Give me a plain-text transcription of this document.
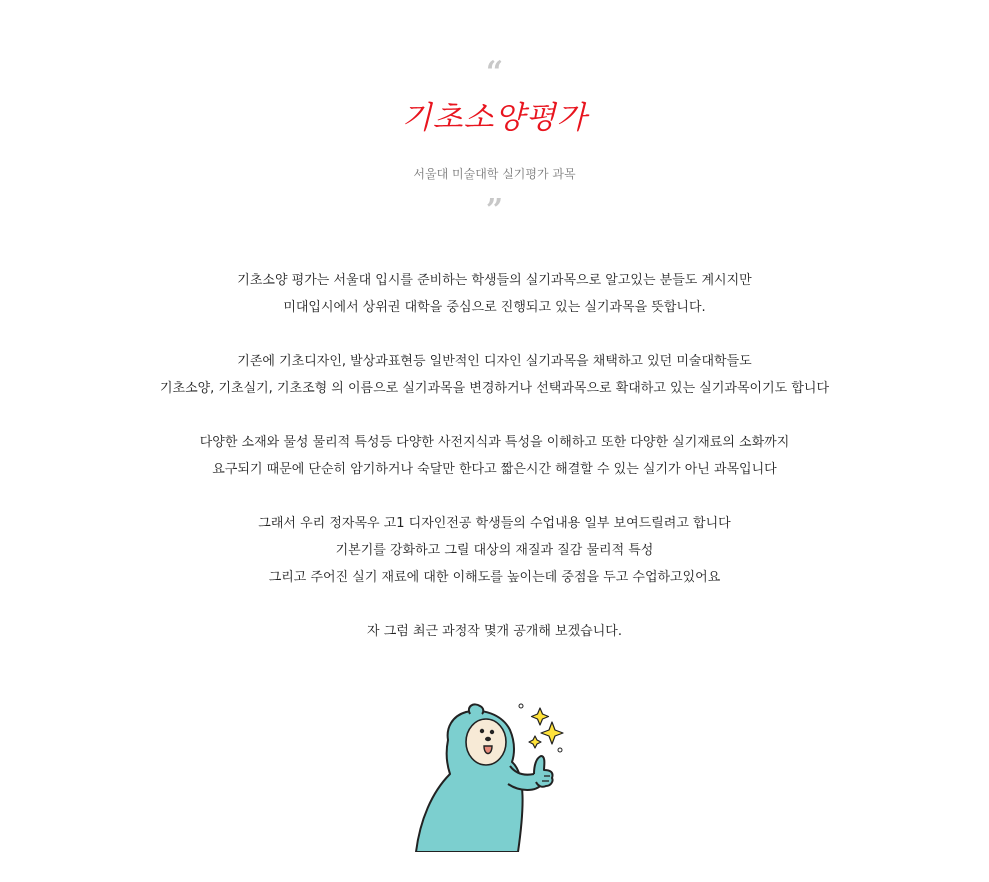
“
기초소양평가
서울대 미술대학 실기평가 과목
”

기초소양 평가는 서울대 입시를 준비하는 학생들의 실기과목으로 알고있는 분들도 계시지만
미대입시에서 상위권 대학을 중심으로 진행되고 있는 실기과목을 뜻합니다.

기존에 기초디자인, 발상과표현등 일반적인 디자인 실기과목을 채택하고 있던 미술대학들도
기초소양, 기초실기, 기초조형 의 이름으로 실기과목을 변경하거나 선택과목으로 확대하고 있는 실기과목이기도 합니다

다양한 소재와 물성 물리적 특성등 다양한 사전지식과 특성을 이해하고 또한 다양한 실기재료의 소화까지
요구되기 때문에 단순히 암기하거나 숙달만 한다고 짧은시간 해결할 수 있는 실기가 아닌 과목입니다

그래서 우리 정자목우 고1 디자인전공 학생들의 수업내용 일부 보여드릴려고 합니다
기본기를 강화하고 그릴 대상의 재질과 질감 물리적 특성
그리고 주어진 실기 재료에 대한 이해도를 높이는데 중점을 두고 수업하고있어요

자 그럼 최근 과정작 몇개 공개해 보겠습니다.
